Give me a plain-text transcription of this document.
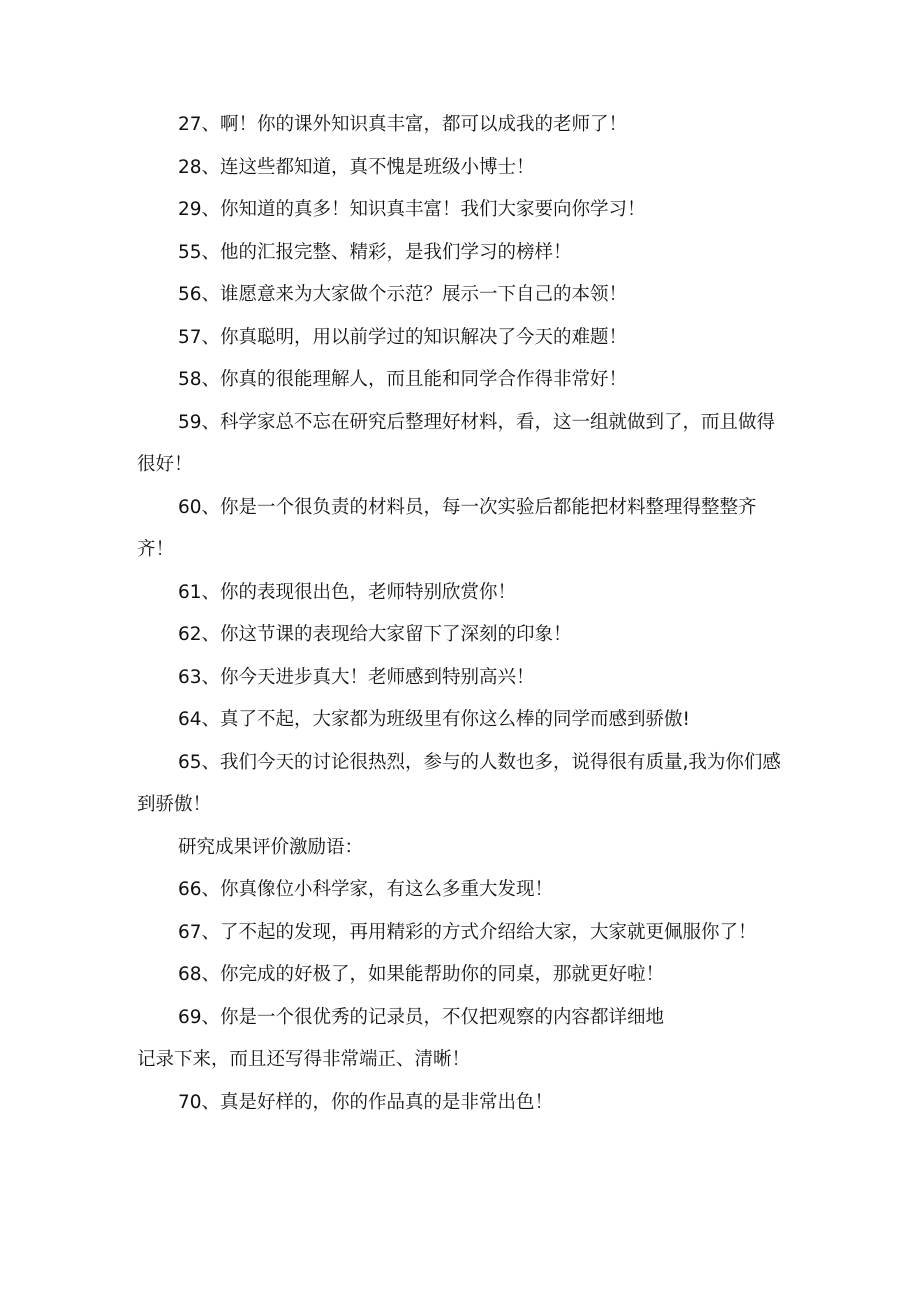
27、啊！你的课外知识真丰富，都可以成我的老师了！

28、连这些都知道，真不愧是班级小博士！

29、你知道的真多！知识真丰富！我们大家要向你学习！

55、他的汇报完整、精彩，是我们学习的榜样！

56、谁愿意来为大家做个示范？展示一下自己的本领！

57、你真聪明，用以前学过的知识解决了今天的难题！

58、你真的很能理解人，而且能和同学合作得非常好！

59、科学家总不忘在研究后整理好材料，看，这一组就做到了，而且做得很好！

60、你是一个很负责的材料员，每一次实验后都能把材料整理得整整齐齐！

61、你的表现很出色，老师特别欣赏你！

62、你这节课的表现给大家留下了深刻的印象！

63、你今天进步真大！老师感到特别高兴！

64、真了不起，大家都为班级里有你这么棒的同学而感到骄傲!

65、我们今天的讨论很热烈，参与的人数也多，说得很有质量,我为你们感到骄傲！

研究成果评价激励语：

66、你真像位小科学家，有这么多重大发现！

67、了不起的发现，再用精彩的方式介绍给大家，大家就更佩服你了！

68、你完成的好极了，如果能帮助你的同桌，那就更好啦！

69、你是一个很优秀的记录员，不仅把观察的内容都详细地
记录下来，而且还写得非常端正、清晰！

70、真是好样的，你的作品真的是非常出色！
